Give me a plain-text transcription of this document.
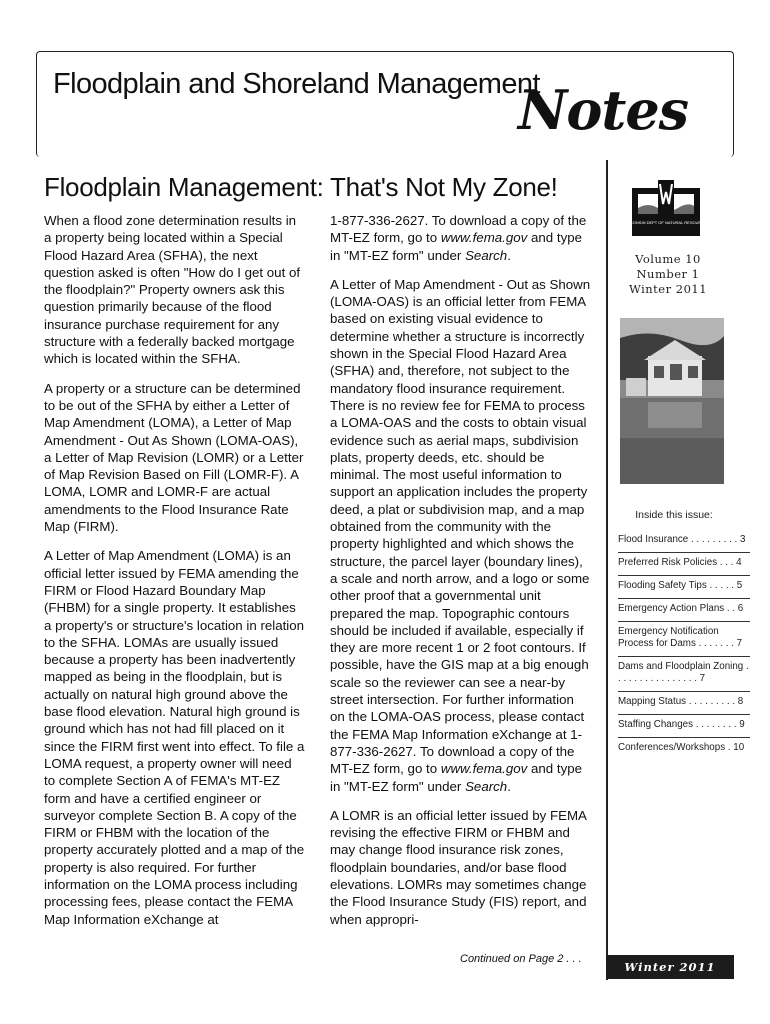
Floodplain and Shoreland Management
Notes
Floodplain Management: That's Not My Zone!

When a flood zone determination results in a property being located within a Special Flood Hazard Area (SFHA), the next question asked is often "How do I get out of the floodplain?" Property owners ask this question primarily because of the flood insurance purchase requirement for any structure with a federally backed mortgage which is located within the SFHA.

A property or a structure can be determined to be out of the SFHA by either a Letter of Map Amendment (LOMA), a Letter of Map Amendment - Out As Shown (LOMA-OAS), a Letter of Map Revision (LOMR) or a Letter of Map Revision Based on Fill (LOMR-F). A LOMA, LOMR and LOMR-F are actual amendments to the Flood Insurance Rate Map (FIRM).

A Letter of Map Amendment (LOMA) is an official letter issued by FEMA amending the FIRM or Flood Hazard Boundary Map (FHBM) for a single property. It establishes a property's or structure's location in relation to the SFHA. LOMAs are usually issued because a property has been inadvertently mapped as being in the floodplain, but is actually on natural high ground above the base flood elevation. Natural high ground is ground which has not had fill placed on it since the FIRM first went into effect. To file a LOMA request, a property owner will need to complete Section A of FEMA's MT-EZ form and have a certified engineer or surveyor complete Section B. A copy of the FIRM or FHBM with the location of the property accurately plotted and a map of the property is also required. For further information on the LOMA process including processing fees, please contact the FEMA Map Information eXchange at

1-877-336-2627. To download a copy of the MT-EZ form, go to www.fema.gov and type in "MT-EZ form" under Search.

A Letter of Map Amendment - Out as Shown (LOMA-OAS) is an official letter from FEMA based on existing visual evidence to determine whether a structure is incorrectly shown in the Special Flood Hazard Area (SFHA) and, therefore, not subject to the mandatory flood insurance requirement. There is no review fee for FEMA to process a LOMA-OAS and the costs to obtain visual evidence such as aerial maps, subdivision plats, property deeds, etc. should be minimal. The most useful information to support an application includes the property deed, a plat or subdivision map, and a map obtained from the community with the property highlighted and which shows the structure, the parcel layer (boundary lines), a scale and north arrow, and a logo or some other proof that a governmental unit prepared the map. Topographic contours should be included if available, especially if they are more recent 1 or 2 foot contours. If possible, have the GIS map at a big enough scale so the reviewer can see a near-by street intersection. For further information on the LOMA-OAS process, please contact the FEMA Map Information eXchange at 1-877-336-2627. To download a copy of the MT-EZ form, go to www.fema.gov and type in "MT-EZ form" under Search.

A LOMR is an official letter issued by FEMA revising the effective FIRM or FHBM and may change flood insurance risk zones, floodplain boundaries, and/or base flood elevations. LOMRs may sometimes change the Flood Insurance Study (FIS) report, and when appropri-

Continued on Page 2 . . .
WISCONSIN DEPT OF NATURAL RESOURCES
Volume 10
Number 1
Winter 2011
Inside this issue:
Flood Insurance . . . . . . . . . 3
Preferred Risk Policies . . . 4
Flooding Safety Tips . . . . . 5
Emergency Action Plans . . 6
Emergency Notification Process for Dams . . . . . . . 7
Dams and Floodplain Zoning . . . . . . . . . . . . . . . . 7
Mapping Status . . . . . . . . . 8
Staffing Changes . . . . . . . . 9
Conferences/Workshops . 10
Winter 2011
